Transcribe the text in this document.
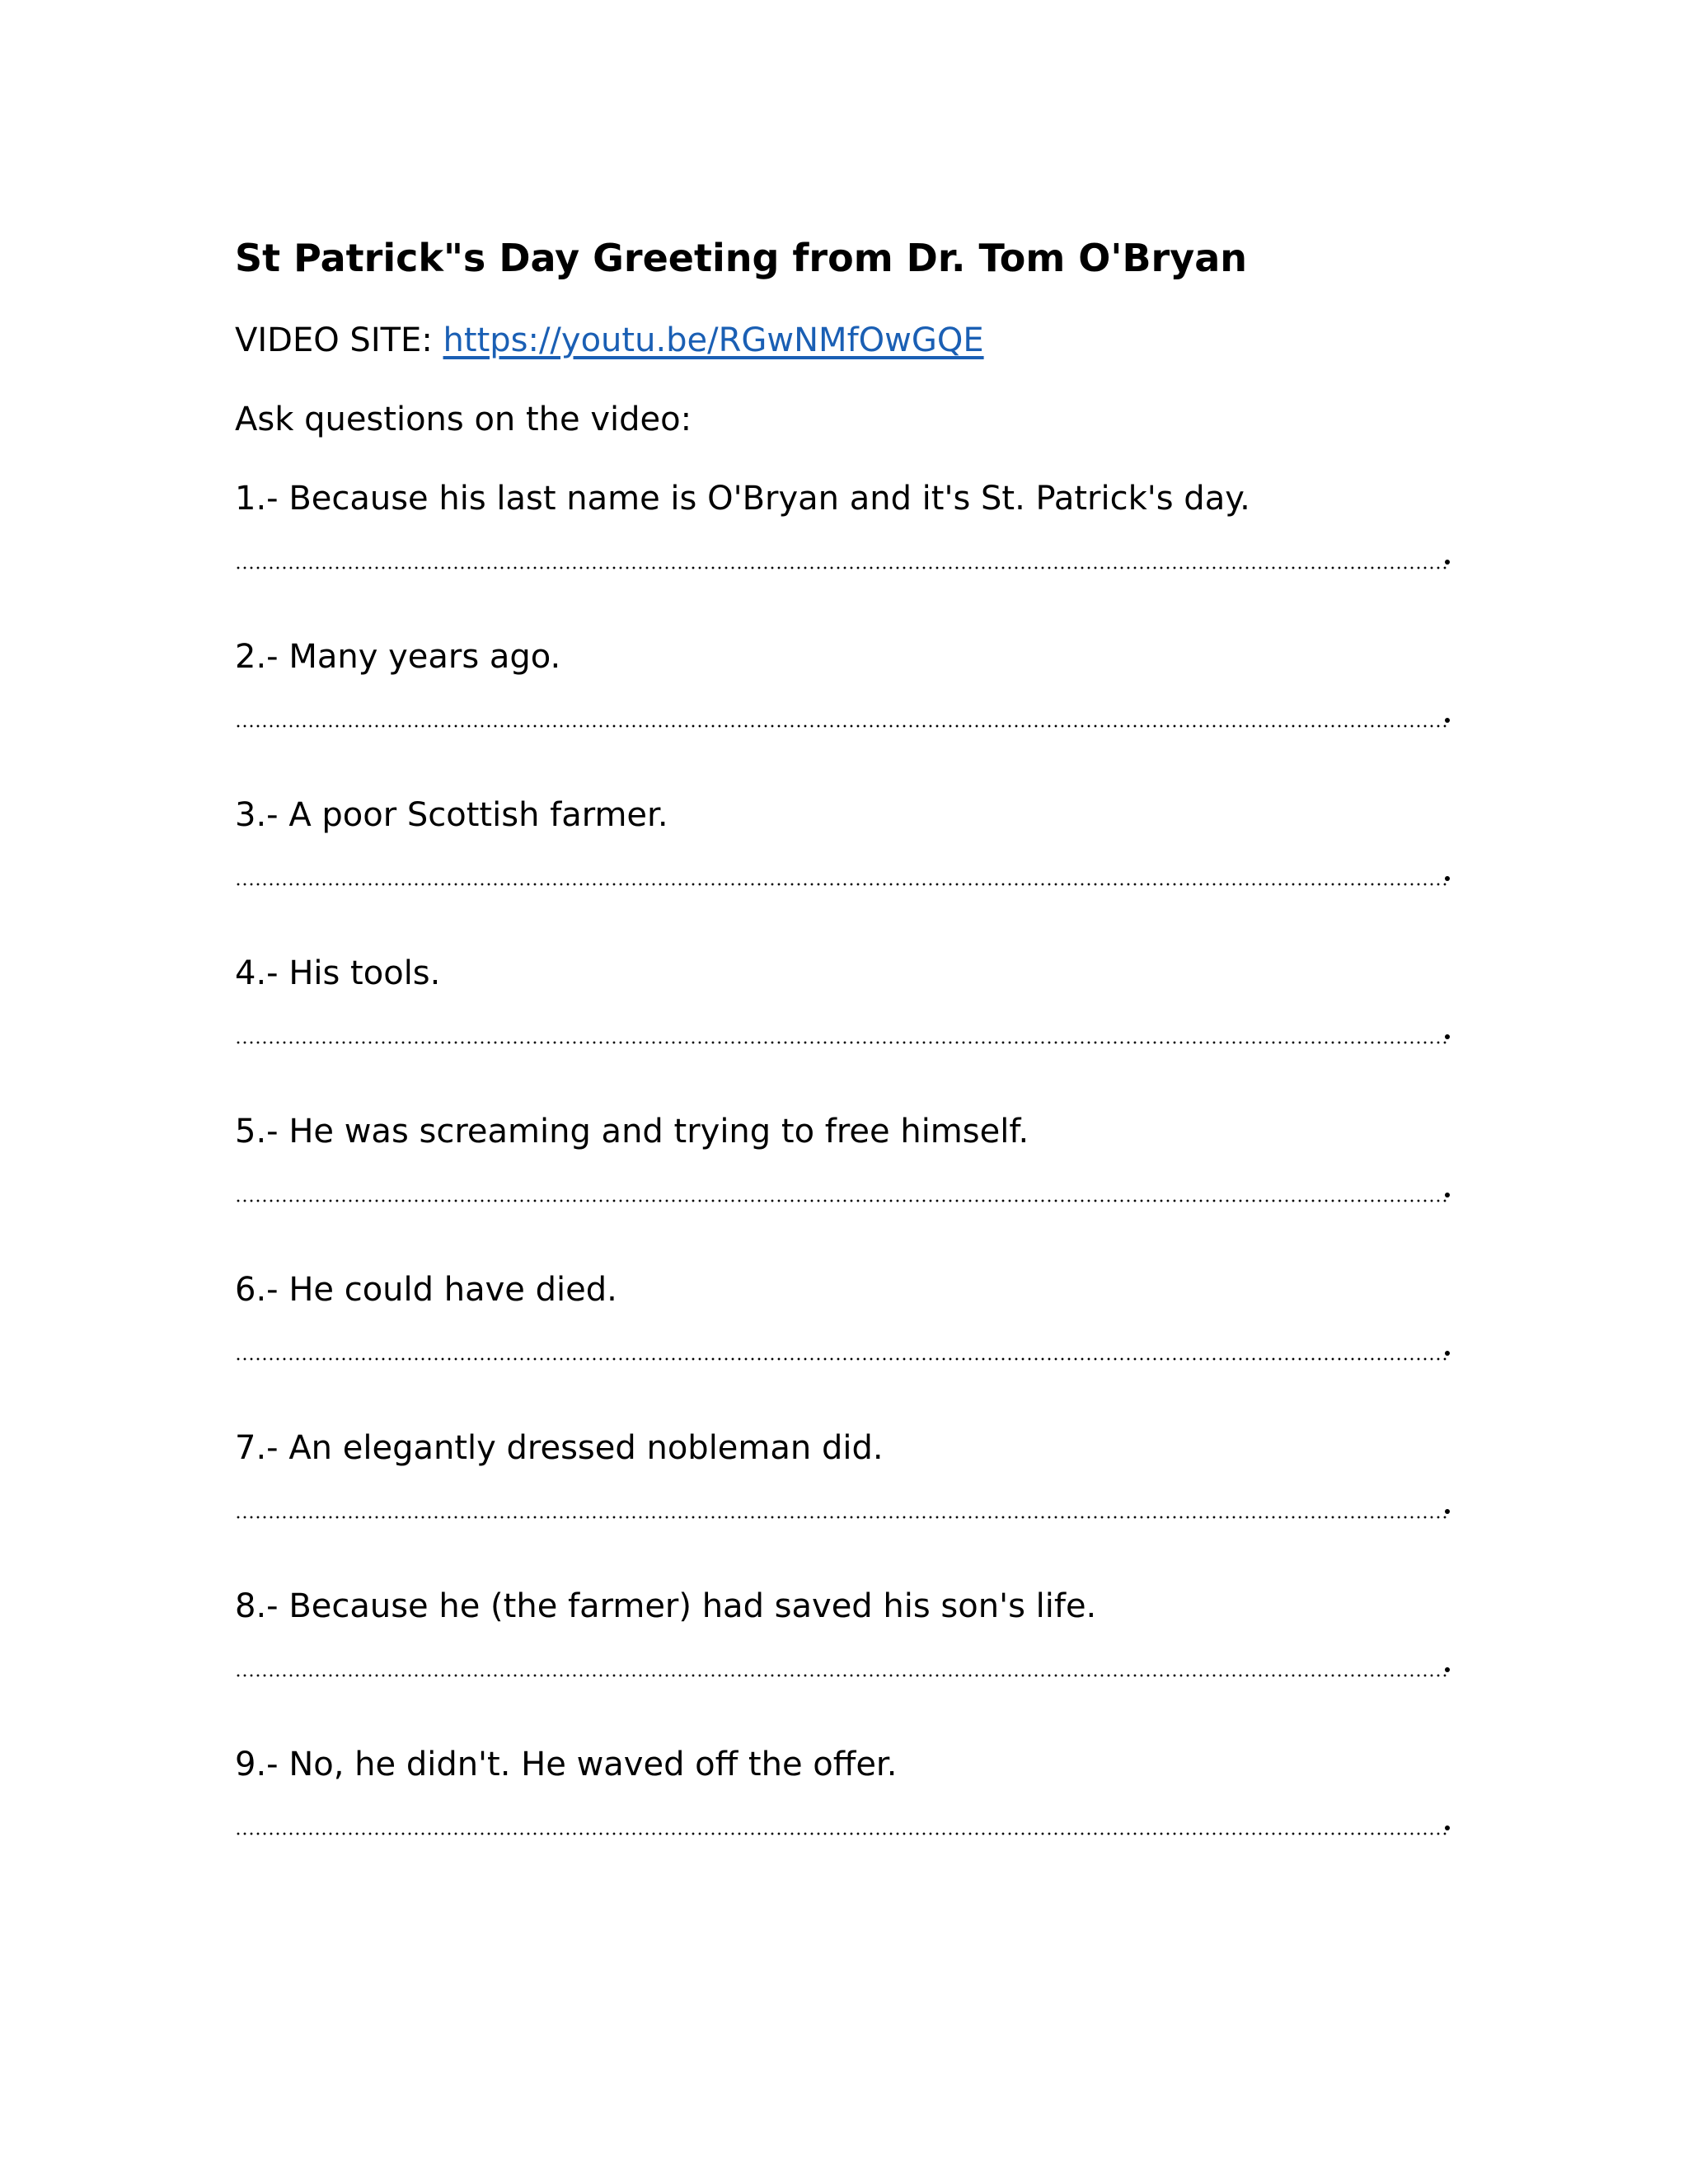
St Patrick"s Day Greeting from Dr. Tom O'Bryan
VIDEO SITE: https://youtu.be/RGwNMfOwGQE
Ask questions on the video:
1.- Because his last name is O'Bryan and it's St. Patrick's day.
2.- Many years ago.
3.- A poor Scottish farmer.
4.- His tools.
5.- He was screaming and trying to free himself.
6.- He could have died.
7.- An elegantly dressed nobleman did.
8.- Because he (the farmer) had saved his son's life.
9.- No, he didn't. He waved off the offer.
